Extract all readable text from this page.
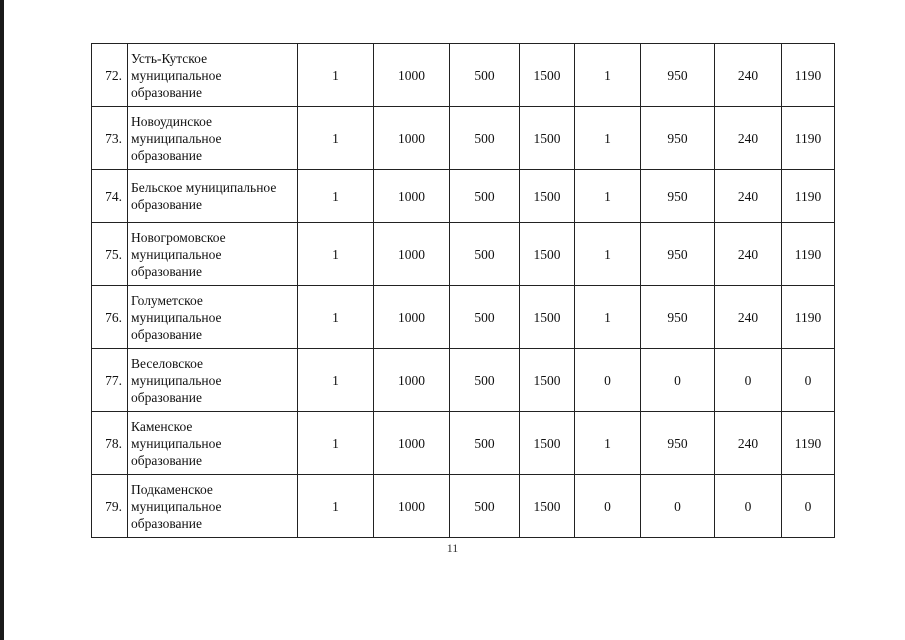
72.	Усть-Кутское
муниципальное
образование	1	1000	500	1500	1	950	240	1190
73.	Новоудинское
муниципальное
образование	1	1000	500	1500	1	950	240	1190
74.	Бельское муниципальное
образование	1	1000	500	1500	1	950	240	1190
75.	Новогромовское
муниципальное
образование	1	1000	500	1500	1	950	240	1190
76.	Голуметское
муниципальное
образование	1	1000	500	1500	1	950	240	1190
77.	Веселовское
муниципальное
образование	1	1000	500	1500	0	0	0	0
78.	Каменское
муниципальное
образование	1	1000	500	1500	1	950	240	1190
79.	Подкаменское
муниципальное
образование	1	1000	500	1500	0	0	0	0
11
